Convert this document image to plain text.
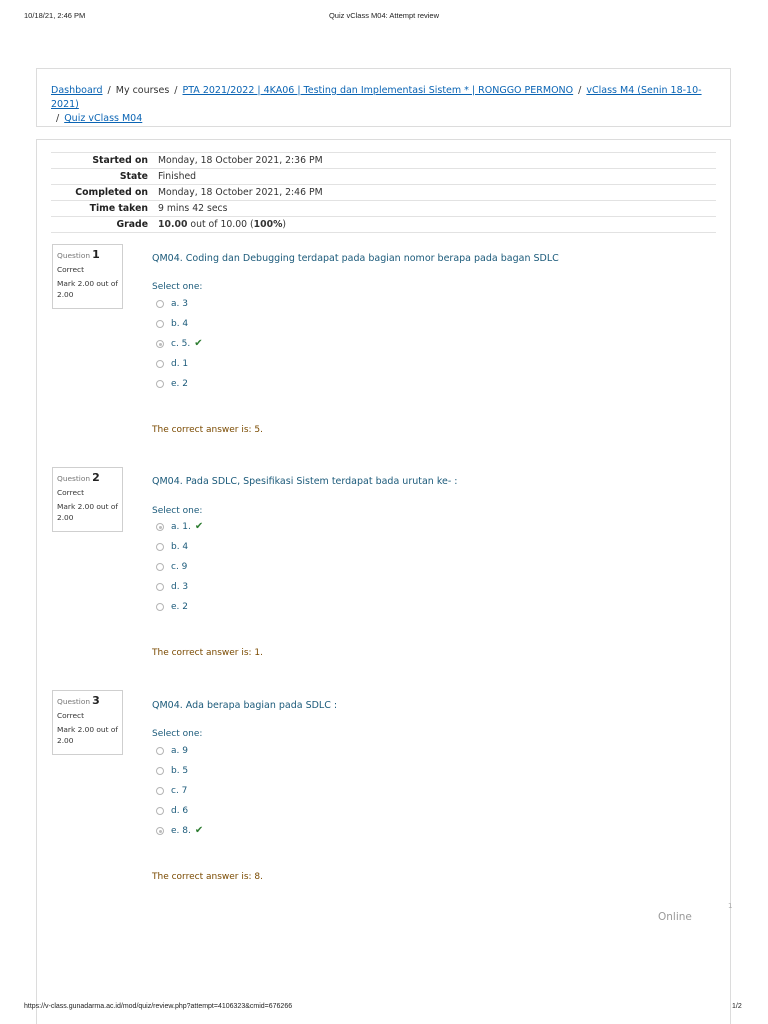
10/18/21, 2:46 PM	Quiz vClass M04: Attempt review
Dashboard / My courses / PTA 2021/2022 | 4KA06 | Testing dan Implementasi Sistem * | RONGGO PERMONO / vClass M4 (Senin 18-10-2021)
/ Quiz vClass M04
Started on	Monday, 18 October 2021, 2:36 PM
State	Finished
Completed on	Monday, 18 October 2021, 2:46 PM
Time taken	9 mins 42 secs
Grade	10.00 out of 10.00 (100%)
Question 1
Correct
Mark 2.00 out of 2.00
QM04. Coding dan Debugging terdapat pada bagian nomor berapa pada bagan SDLC
Select one:
a. 3
b. 4
c. 5. ✔
d. 1
e. 2
The correct answer is: 5.
Question 2
Correct
Mark 2.00 out of 2.00
QM04. Pada SDLC, Spesifikasi Sistem terdapat bada urutan ke- :
Select one:
a. 1. ✔
b. 4
c. 9
d. 3
e. 2
The correct answer is: 1.
Question 3
Correct
Mark 2.00 out of 2.00
QM04. Ada berapa bagian pada SDLC :
Select one:
a. 9
b. 5
c. 7
d. 6
e. 8. ✔
The correct answer is: 8.
1
Online
https://v-class.gunadarma.ac.id/mod/quiz/review.php?attempt=4106323&cmid=676266	1/2
